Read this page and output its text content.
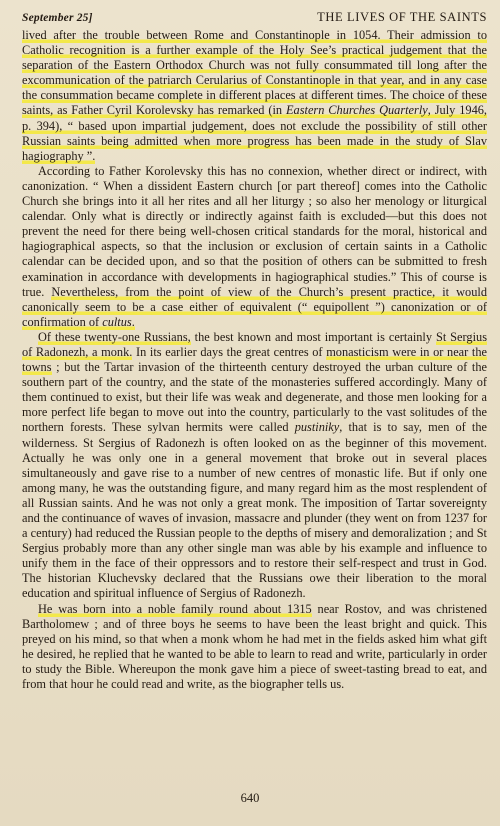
September 25]	THE LIVES OF THE SAINTS

lived after the trouble between Rome and Constantinople in 1054. Their admission to Catholic recognition is a further example of the Holy See’s practical judgement that the separation of the Eastern Orthodox Church was not fully consummated till long after the excommunication of the patriarch Cerularius of Constantinople in that year, and in any case the consummation became complete in different places at different times. The choice of these saints, as Father Cyril Korolevsky has remarked (in Eastern Churches Quarterly, July 1946, p. 394), “ based upon impartial judgement, does not exclude the possibility of still other Russian saints being admitted when more progress has been made in the study of Slav hagiography ”.

According to Father Korolevsky this has no connexion, whether direct or indirect, with canonization. “ When a dissident Eastern church [or part thereof] comes into the Catholic Church she brings into it all her rites and all her liturgy ; so also her menology or liturgical calendar. Only what is directly or indirectly against faith is excluded—but this does not prevent the need for there being well-chosen critical standards for the moral, historical and hagiographical aspects, so that the inclusion or exclusion of certain saints in a Catholic calendar can be decided upon, and so that the position of others can be submitted to fresh examination in accordance with developments in hagiographical studies.” This of course is true. Nevertheless, from the point of view of the Church’s present practice, it would canonically seem to be a case either of equivalent (“ equipollent ”) canonization or of confirmation of cultus.

Of these twenty-one Russians, the best known and most important is certainly St Sergius of Radonezh, a monk. In its earlier days the great centres of monasticism were in or near the towns ; but the Tartar invasion of the thirteenth century destroyed the urban culture of the southern part of the country, and the state of the monasteries suffered accordingly. Many of them continued to exist, but their life was weak and degenerate, and those men looking for a more perfect life began to move out into the country, particularly to the vast solitudes of the northern forests. These sylvan hermits were called pustiniky, that is to say, men of the wilderness. St Sergius of Radonezh is often looked on as the beginner of this movement. Actually he was only one in a general movement that broke out in several places simultaneously and gave rise to a number of new centres of monastic life. But if only one among many, he was the outstanding figure, and many regard him as the most resplendent of all Russian saints. And he was not only a great monk. The imposition of Tartar sovereignty and the continuance of waves of invasion, massacre and plunder (they went on from 1237 for a century) had reduced the Russian people to the depths of misery and demoralization ; and St Sergius probably more than any other single man was able by his example and influence to unify them in the face of their oppressors and to restore their self-respect and trust in God. The historian Kluchevsky declared that the Russians owe their liberation to the moral education and spiritual influence of Sergius of Radonezh.

He was born into a noble family round about 1315 near Rostov, and was christened Bartholomew ; and of three boys he seems to have been the least bright and quick. This preyed on his mind, so that when a monk whom he had met in the fields asked him what gift he desired, he replied that he wanted to be able to learn to read and write, particularly in order to study the Bible. Whereupon the monk gave him a piece of sweet-tasting bread to eat, and from that hour he could read and write, as the biographer tells us.

640
